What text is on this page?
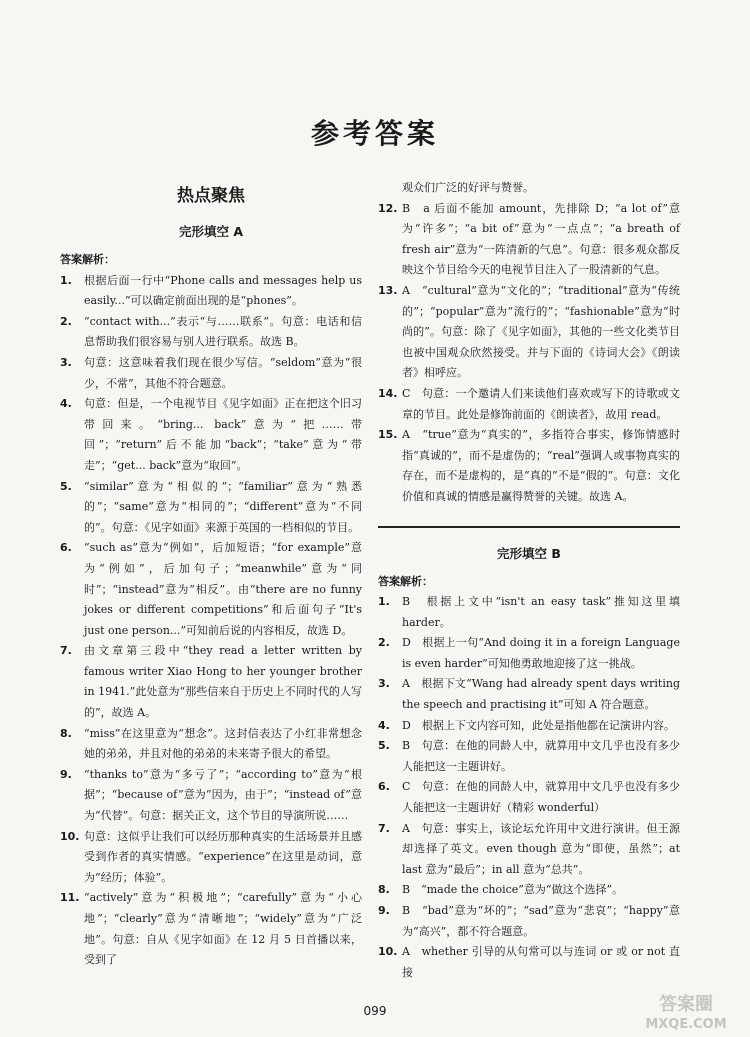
参考答案
热点聚焦
完形填空 A
答案解析：
1.	根据后面一行中“Phone calls and messages help us easily...”可以确定前面出现的是“phones”。
2.	“contact with...”表示“与……联系”。句意：电话和信息帮助我们很容易与别人进行联系。故选 B。
3.	句意：这意味着我们现在很少写信。“seldom”意为“很少，不常”，其他不符合题意。
4.	句意：但是，一个电视节目《见字如面》正在把这个旧习带回来。“bring... back”意为“把……带回”；“return”后不能加“back”；“take”意为“带走”；“get... back”意为“取回”。
5.	“similar”意为“相似的”；“familiar”意为“熟悉的”；“same”意为“相同的”；“different”意为“不同的”。句意：《见字如面》来源于英国的一档相似的节目。
6.	“such as”意为“例如”，后加短语；“for example”意为“例如”，后加句子；“meanwhile”意为“同时”；“instead”意为“相反”。由“there are no funny jokes or different competitions”和后面句子“It's just one person...”可知前后说的内容相反，故选 D。
7.	由文章第三段中“they read a letter written by famous writer Xiao Hong to her younger brother in 1941.”此处意为“那些信来自于历史上不同时代的人写的”，故选 A。
8.	“miss”在这里意为“想念”。这封信表达了小红非常想念她的弟弟，并且对他的弟弟的未来寄予很大的希望。
9.	“thanks to”意为“多亏了”；“according to”意为“根据”；“because of”意为“因为，由于”；“instead of”意为“代替”。句意：据关正文，这个节目的导演所说……
10. 句意：这似乎让我们可以经历那种真实的生活场景并且感受到作者的真实情感。“experience”在这里是动词，意为“经历；体验”。
11. “actively”意为“积极地”；“carefully”意为“小心地”；“clearly”意为“清晰地”；“widely”意为“广泛地”。句意：自从《见字如面》在 12 月 5 日首播以来，受到了
观众们广泛的好评与赞誉。
12. B　a 后面不能加 amount，先排除 D；“a lot of”意为“许多”；“a bit of”意为“一点点”；“a breath of fresh air”意为“一阵清新的气息”。句意：很多观众都反映这个节目给今天的电视节目注入了一股清新的气息。
13. A　“cultural”意为“文化的”；“traditional”意为“传统的”；“popular”意为“流行的”；“fashionable”意为“时尚的”。句意：除了《见字如面》，其他的一些文化类节目也被中国观众欣然接受。并与下面的《诗词大会》《朗读者》相呼应。
14. C　句意：一个邀请人们来读他们喜欢或写下的诗歌或文章的节目。此处是修饰前面的《朗读者》，故用 read。
15. A　“true”意为“真实的”，多指符合事实，修饰情感时指“真诚的”，而不是虚伪的；“real”强调人或事物真实的存在，而不是虚构的，是“真的”不是“假的”。句意：文化价值和真诚的情感是赢得赞誉的关键。故选 A。
完形填空 B
答案解析：
1.	B　根据上文中“isn't an easy task”推知这里填 harder。
2.	D　根据上一句“And doing it in a foreign Language is even harder”可知他勇敢地迎接了这一挑战。
3.	A　根据下文“Wang had already spent days writing the speech and practising it”可知 A 符合题意。
4.	D　根据上下文内容可知，此处是指他都在记演讲内容。
5.	B　句意：在他的同龄人中，就算用中文几乎也没有多少人能把这一主题讲好。
6.	C　句意：在他的同龄人中，就算用中文几乎也没有多少人能把这一主题讲好（精彩 wonderful）
7.	A　句意：事实上，该论坛允许用中文进行演讲。但王源却选择了英文。even though 意为“即使，虽然”；at last 意为“最后”；in all 意为“总共”。
8.	B　“made the choice”意为“做这个选择”。
9.	B　“bad”意为“坏的”；“sad”意为“悲哀”；“happy”意为“高兴”，都不符合题意。
10. A　whether 引导的从句常可以与连词 or 或 or not 直接
099	答案圈
MXQE.COM
